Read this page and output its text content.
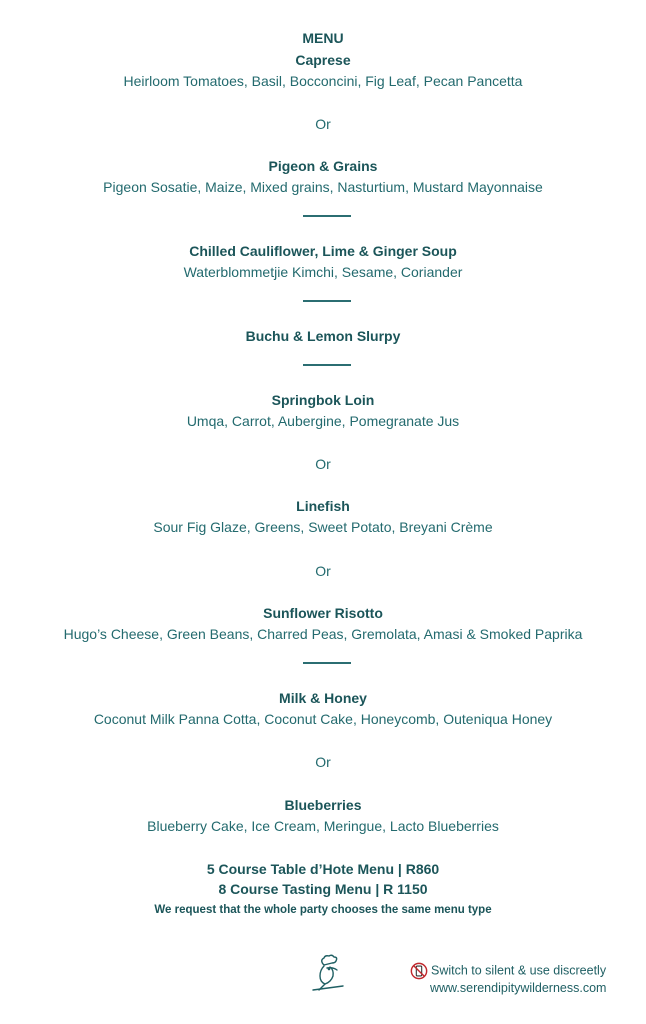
MENU
Caprese
Heirloom Tomatoes, Basil, Bocconcini, Fig Leaf, Pecan Pancetta
Or
Pigeon & Grains
Pigeon Sosatie, Maize, Mixed grains, Nasturtium, Mustard Mayonnaise
Chilled Cauliflower, Lime & Ginger Soup
Waterblommetjie Kimchi, Sesame, Coriander
Buchu & Lemon Slurpy
Springbok Loin
Umqa, Carrot, Aubergine, Pomegranate Jus
Or
Linefish
Sour Fig Glaze, Greens, Sweet Potato, Breyani Crème
Or
Sunflower Risotto
Hugo’s Cheese, Green Beans, Charred Peas, Gremolata, Amasi & Smoked Paprika
Milk & Honey
Coconut Milk Panna Cotta, Coconut Cake, Honeycomb, Outeniqua Honey
Or
Blueberries
Blueberry Cake, Ice Cream, Meringue, Lacto Blueberries
5 Course Table d’Hote Menu | R860
8 Course Tasting Menu | R 1150
We request that the whole party chooses the same menu type
Switch to silent & use discreetly
www.serendipitywilderness.com
